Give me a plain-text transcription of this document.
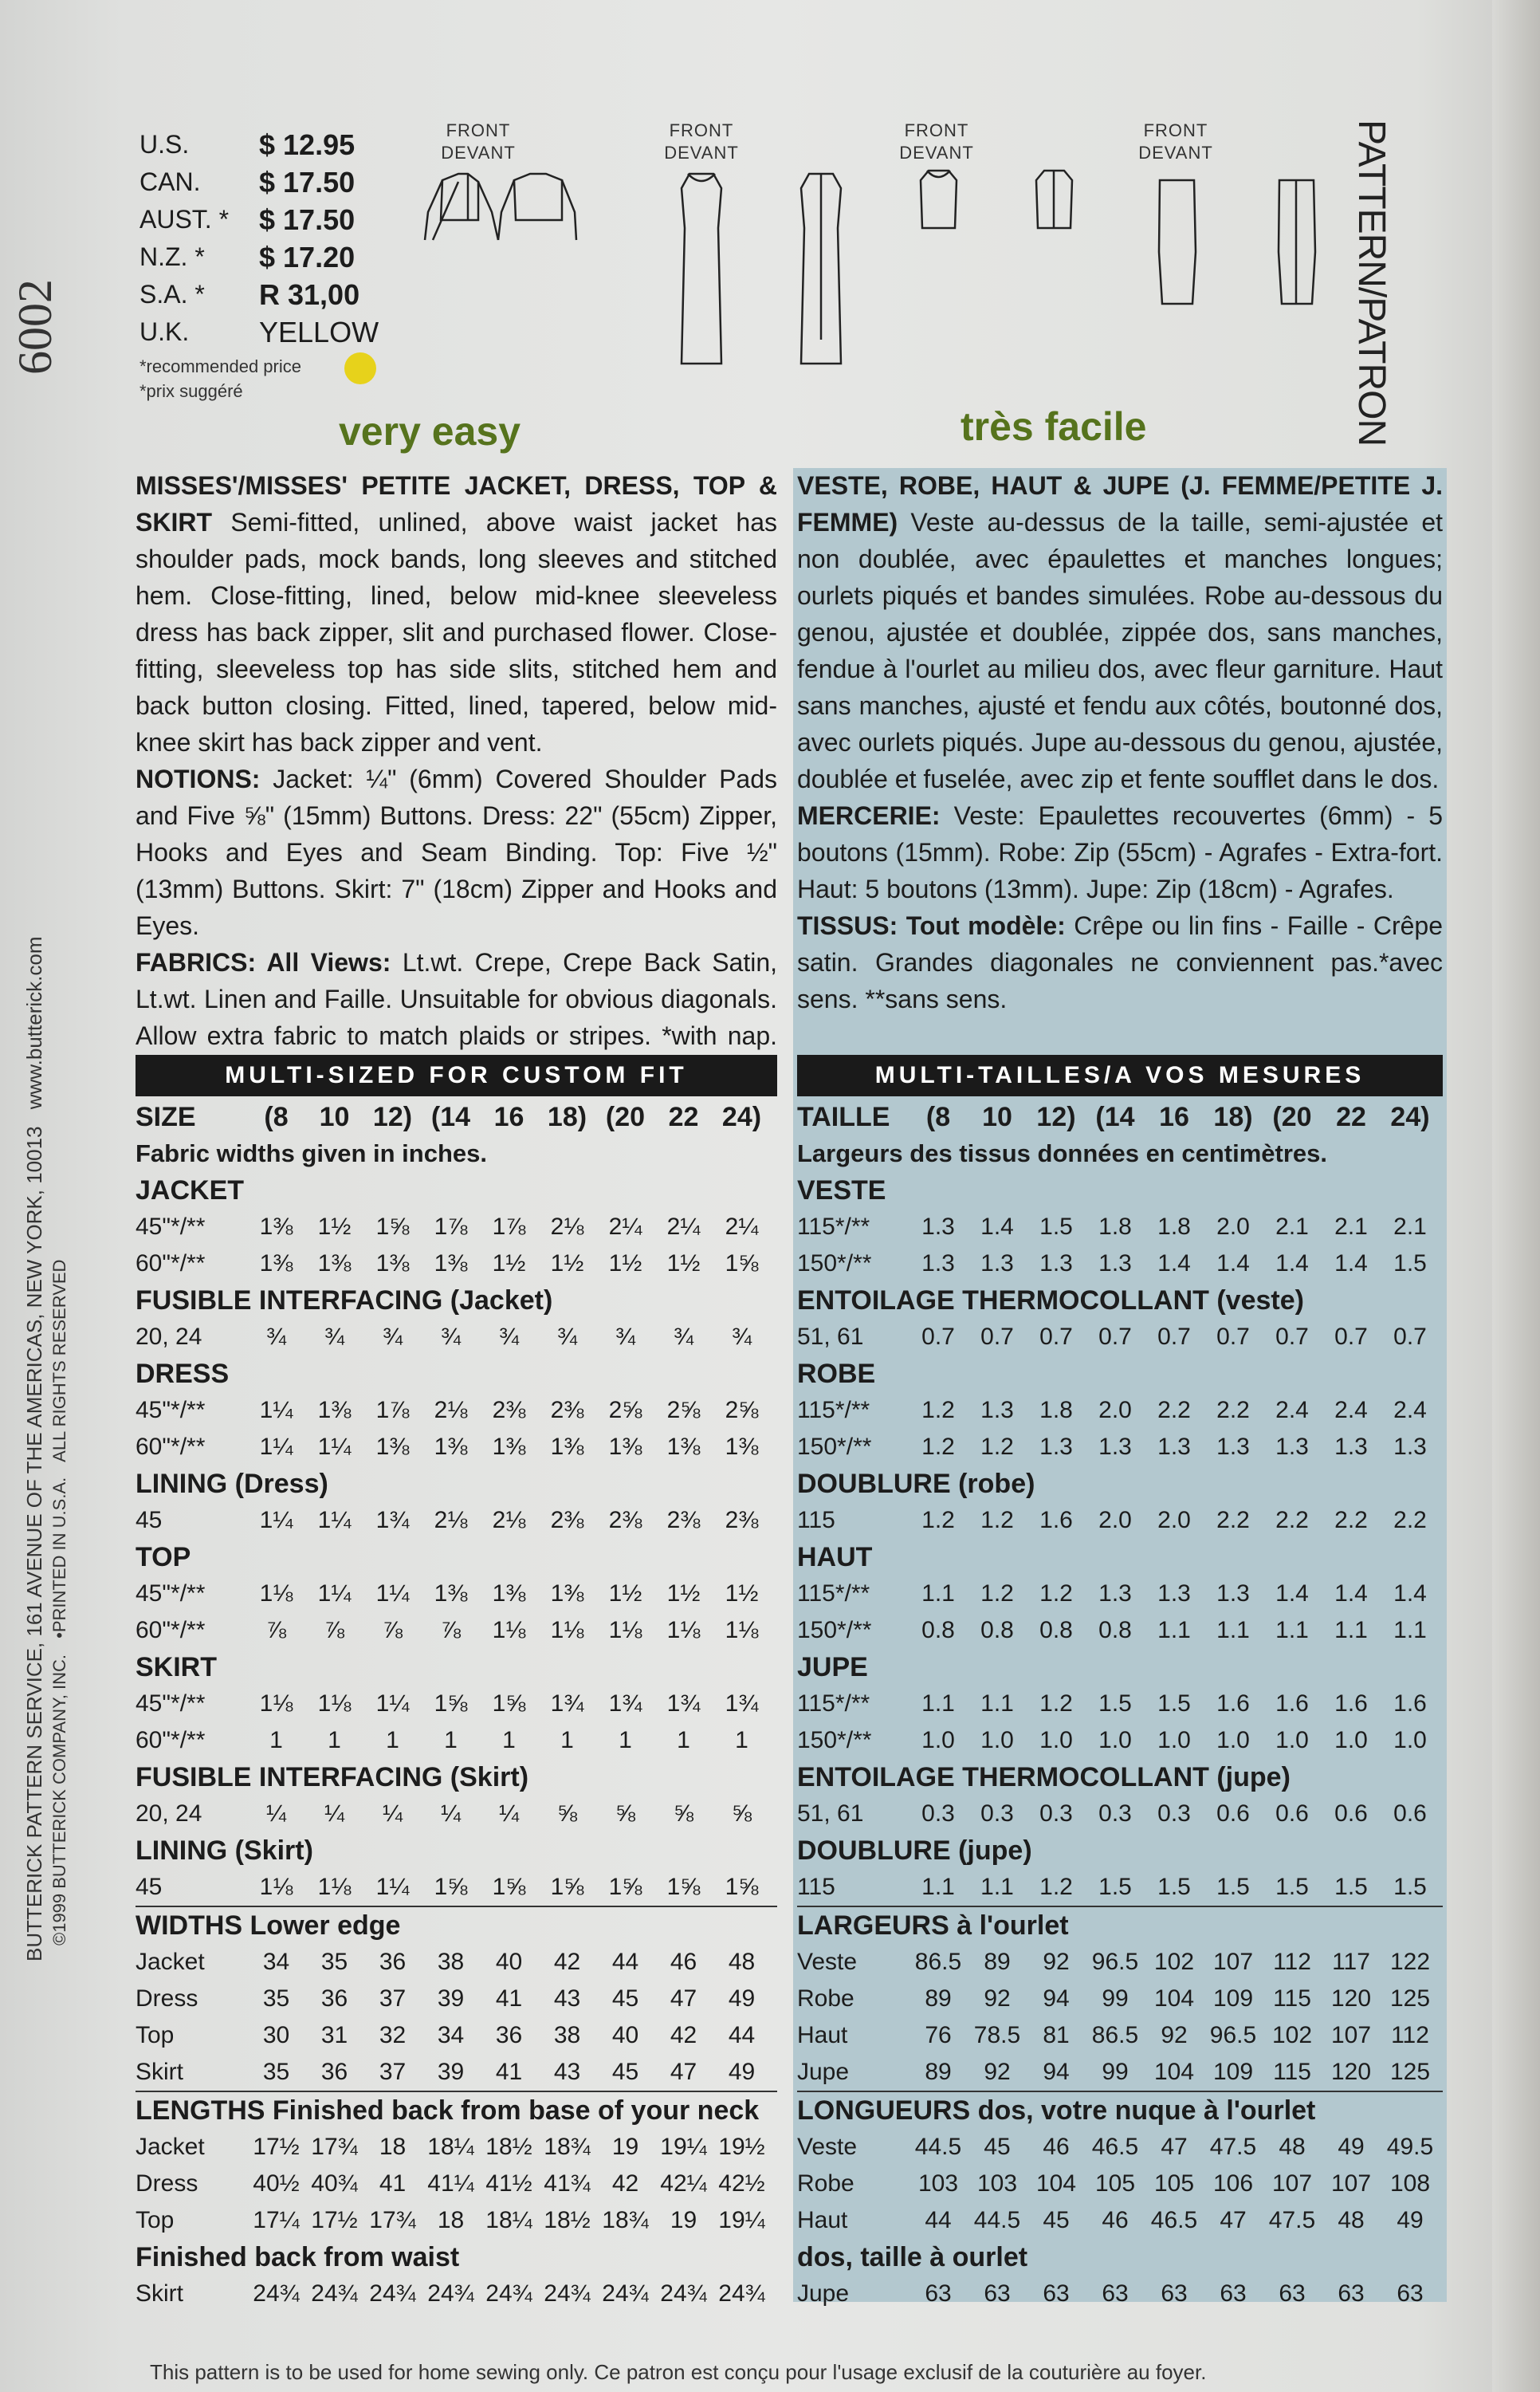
6002
BUTTERICK PATTERN SERVICE, 161 AVENUE OF THE AMERICAS, NEW YORK, 10013 www.butterick.com
©1999 BUTTERICK COMPANY, INC. •PRINTED IN U.S.A. ALL RIGHTS RESERVED
PATTERN/PATRON
U.S.	$ 12.95
CAN.	$ 17.50
AUST. *	$ 17.50
N.Z. *	$ 17.20
S.A. *	R 31,00
U.K.	YELLOW
*recommended price
*prix suggéré
FRONT
DEVANT
FRONT
DEVANT
FRONT
DEVANT
FRONT
DEVANT
very easy	très facile

MISSES'/MISSES' PETITE JACKET, DRESS, TOP & SKIRT Semi-fitted, unlined, above waist jacket has shoulder pads, mock bands, long sleeves and stitched hem. Close-fitting, lined, below mid-knee sleeveless dress has back zipper, slit and purchased flower. Close-fitting, sleeveless top has side slits, stitched hem and back button closing. Fitted, lined, tapered, below mid-knee skirt has back zipper and vent.

NOTIONS: Jacket: ¼" (6mm) Covered Shoulder Pads and Five ⅝" (15mm) Buttons. Dress: 22" (55cm) Zipper, Hooks and Eyes and Seam Binding. Top: Five ½" (13mm) Buttons. Skirt: 7" (18cm) Zipper and Hooks and Eyes.

FABRICS: All Views: Lt.wt. Crepe, Crepe Back Satin, Lt.wt. Linen and Faille. Unsuitable for obvious diagonals. Allow extra fabric to match plaids or stripes. *with nap.

VESTE, ROBE, HAUT & JUPE (J. FEMME/PETITE J. FEMME) Veste au-dessus de la taille, semi-ajustée et non doublée, avec épaulettes et manches longues; ourlets piqués et bandes simulées. Robe au-dessous du genou, ajustée et doublée, zippée dos, sans manches, fendue à l'ourlet au milieu dos, avec fleur garniture. Haut sans manches, ajusté et fendu aux côtés, boutonné dos, avec ourlets piqués. Jupe au-dessous du genou, ajustée, doublée et fuselée, avec zip et fente soufflet dans le dos.

MERCERIE: Veste: Epaulettes recouvertes (6mm) - 5 boutons (15mm). Robe: Zip (55cm) - Agrafes - Extra-fort. Haut: 5 boutons (13mm). Jupe: Zip (18cm) - Agrafes.

TISSUS: Tout modèle: Crêpe ou lin fins - Faille - Crêpe satin. Grandes diagonales ne conviennent pas.*avec sens. **sans sens.

MULTI-SIZED FOR CUSTOM FIT	MULTI-TAILLES/A VOS MESURES
SIZE	(8	10 12) (14 16 18) (20 22 24)
Fabric widths given in inches.
JACKET
45"*/**	1⅜	1½	1⅝	1⅞	1⅞	2⅛	2¼	2¼	2¼
60"*/**	1⅜	1⅜	1⅜	1⅜	1½	1½	1½	1½	1⅝
FUSIBLE INTERFACING (Jacket)
20, 24	¾	¾	¾	¾	¾	¾	¾	¾	¾
DRESS
45"*/**	1¼	1⅜	1⅞	2⅛	2⅜	2⅜	2⅝	2⅝	2⅝
60"*/**	1¼	1¼	1⅜	1⅜	1⅜	1⅜	1⅜	1⅜	1⅜
LINING (Dress)
45	1¼	1¼	1¾	2⅛	2⅛	2⅜	2⅜	2⅜	2⅜
TOP
45"*/**	1⅛	1¼	1¼	1⅜	1⅜	1⅜	1½	1½	1½
60"*/**	⅞	⅞	⅞	⅞	1⅛	1⅛	1⅛	1⅛	1⅛
SKIRT
45"*/**	1⅛	1⅛	1¼	1⅝	1⅝	1¾	1¾	1¾	1¾
60"*/**	1	1	1	1	1	1	1	1	1
FUSIBLE INTERFACING (Skirt)
20, 24	¼	¼	¼	¼	¼	⅝	⅝	⅝	⅝
LINING (Skirt)
45	1⅛	1⅛	1¼	1⅝	1⅝	1⅝	1⅝	1⅝	1⅝
WIDTHS Lower edge
Jacket	34	35	36	38	40	42	44	46	48
Dress	35	36	37	39	41	43	45	47	49
Top	30	31	32	34	36	38	40	42	44
Skirt	35	36	37	39	41	43	45	47	49
LENGTHS Finished back from base of your neck
Jacket	17½ 17¾ 18 18¼ 18½ 18¾ 19 19¼ 19½
Dress	40½ 40¾ 41 41¼ 41½ 41¾ 42 42¼ 42½
Top	17¼ 17½ 17¾ 18 18¼ 18½ 18¾ 19 19¼
Finished back from waist
Skirt	24¾ 24¾ 24¾ 24¾ 24¾ 24¾ 24¾ 24¾ 24¾
TAILLE	(8	10 12) (14 16 18) (20 22 24)
Largeurs des tissus données en centimètres.
VESTE
115*/**	1.3	1.4	1.5	1.8	1.8	2.0	2.1	2.1	2.1
150*/**	1.3	1.3	1.3	1.3	1.4	1.4	1.4	1.4	1.5
ENTOILAGE THERMOCOLLANT (veste)
51, 61	0.7	0.7	0.7	0.7	0.7	0.7	0.7	0.7	0.7
ROBE
115*/**	1.2	1.3	1.8	2.0	2.2	2.2	2.4	2.4	2.4
150*/**	1.2	1.2	1.3	1.3	1.3	1.3	1.3	1.3	1.3
DOUBLURE (robe)
115	1.2	1.2	1.6	2.0	2.0	2.2	2.2	2.2	2.2
HAUT
115*/**	1.1	1.2	1.2	1.3	1.3	1.3	1.4	1.4	1.4
150*/**	0.8	0.8	0.8	0.8	1.1	1.1	1.1	1.1	1.1
JUPE
115*/**	1.1	1.1	1.2	1.5	1.5	1.6	1.6	1.6	1.6
150*/**	1.0	1.0	1.0	1.0	1.0	1.0	1.0	1.0	1.0
ENTOILAGE THERMOCOLLANT (jupe)
51, 61	0.3	0.3	0.3	0.3	0.3	0.6	0.6	0.6	0.6
DOUBLURE (jupe)
115	1.1	1.1	1.2	1.5	1.5	1.5	1.5	1.5	1.5
LARGEURS à l'ourlet
Veste	86.5 89	92 96.5 102 107 112 117 122
Robe	89	92	94	99	104 109 115 120 125
Haut	76 78.5 81 86.5 92 96.5 102 107 112
Jupe	89	92	94	99	104 109 115 120 125
LONGUEURS dos, votre nuque à l'ourlet
Veste	44.5 45	46 46.5 47 47.5 48	49 49.5
Robe	103 103 104 105 105 106 107 107 108
Haut	44 44.5 45	46 46.5 47 47.5 48	49
dos, taille à ourlet
Jupe	63	63	63	63	63	63	63	63	63
This pattern is to be used for home sewing only. Ce patron est conçu pour l'usage exclusif de la couturière au foyer.
